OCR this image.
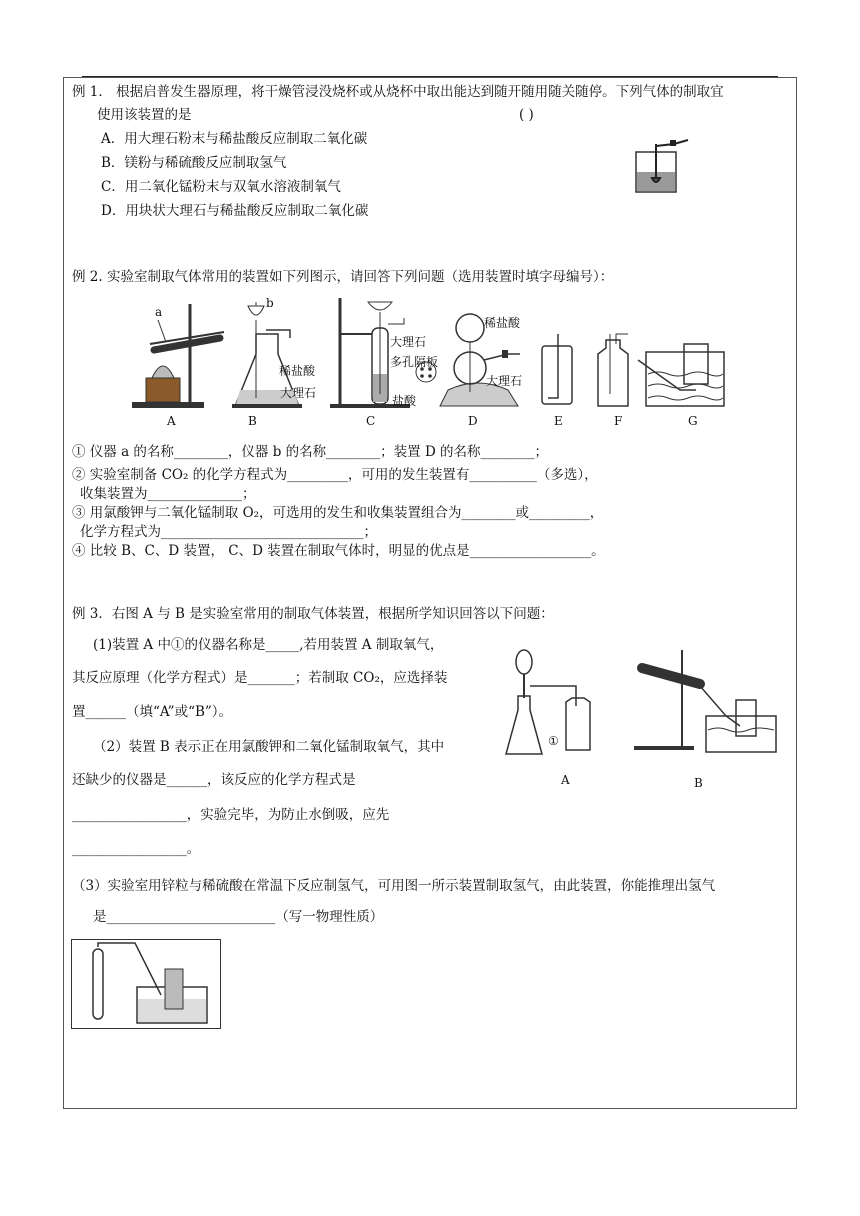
例 1． 根据启普发生器原理，将干燥管浸没烧杯或从烧杯中取出能达到随开随用随关随停。下列气体的制取宜
使用该装置的是	( )
A．用大理石粉末与稀盐酸反应制取二氧化碳
B．镁粉与稀硫酸反应制取氢气
C．用二氧化锰粉末与双氧水溶液制氧气
D．用块状大理石与稀盐酸反应制取二氧化碳
例 2. 实验室制取气体常用的装置如下列图示，请回答下列问题（选用装置时填字母编号）：
a
b
稀盐酸
大理石
大理石
多孔隔板
盐酸
稀盐酸
大理石
A	B	C	D	E	F	G
① 仪器 a 的名称________，仪器 b 的名称________；装置 D 的名称________；
② 实验室制备 CO₂ 的化学方程式为_________，可用的发生装置有__________（多选），
收集装置为______________；
③ 用氯酸钾与二氧化锰制取 O₂，可选用的发生和收集装置组合为________或_________，
化学方程式为______________________________；
④ 比较 B、C、D 装置， C、D 装置在制取气体时，明显的优点是__________________。
例 3．右图 A 与 B 是实验室常用的制取气体装置，根据所学知识回答以下问题：
(1)装置 A 中①的仪器名称是_____,若用装置 A 制取氧气，
其反应原理（化学方程式）是_______；若制取 CO₂，应选择装
置______（填“A”或“B”）。
（2）装置 B 表示正在用氯酸钾和二氧化锰制取氧气，其中
还缺少的仪器是______，该反应的化学方程式是
_________________，实验完毕，为防止水倒吸，应先
_________________。
①
A	B
（3）实验室用锌粒与稀硫酸在常温下反应制氢气，可用图一所示装置制取氢气，由此装置，你能推理出氢气
是_________________________（写一物理性质）
